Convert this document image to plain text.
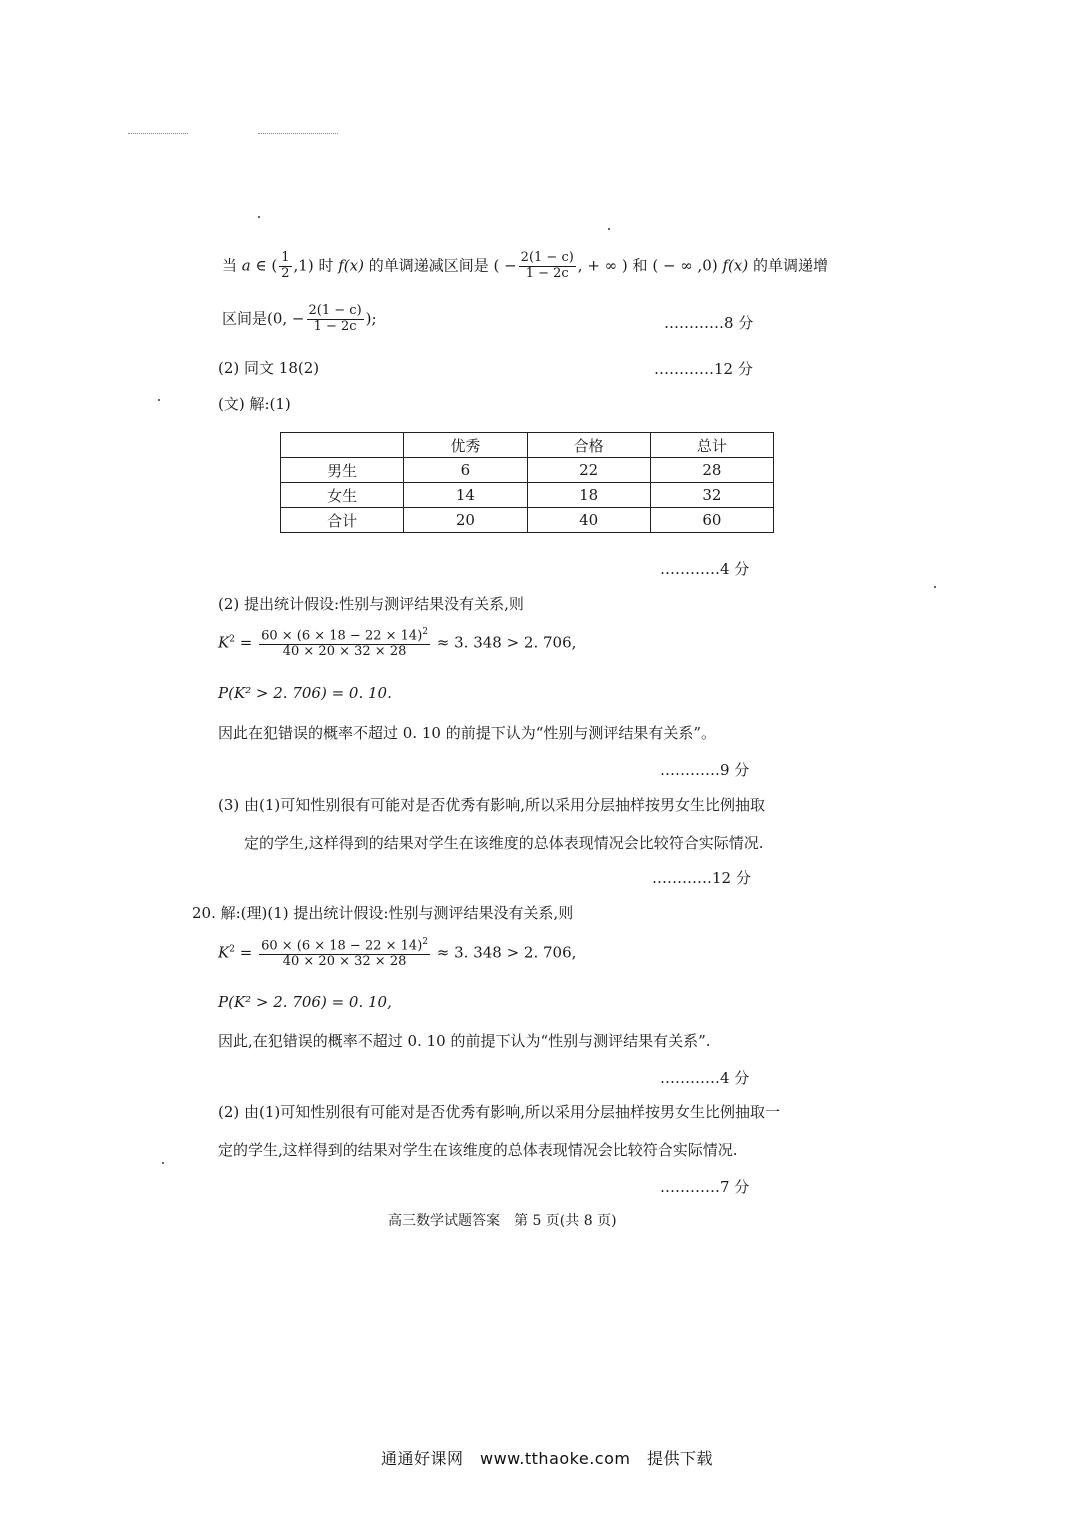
当 a ∈ ( $\frac{1}{2} ,1$) 时 f(x) 的单调递减区间是 ( − $\frac{2(1 - c)}{1 - 2c}$ , + ∞ ) 和 ( − ∞ ,0) f(x) 的单调递增
区间是(0, − $\frac{2(1 - c)}{1 - 2c}$ );	…………8 分
(2) 同文 18(2)	…………12 分
(文) 解:(1)
	优秀	合格	总计
男生	6	22	28
女生	14	18	32
合计	20	40	60
…………4 分
(2) 提出统计假设:性别与测评结果没有关系,则
$K^2 = \frac{60 \times (6 \times 18 - 22 \times 14)^2}{40 \times 20 \times 32 \times 28} \approx 3$. 348 > 2. 706,
P(K² > 2. 706) = 0. 10.
因此在犯错误的概率不超过 0. 10 的前提下认为“性别与测评结果有关系”。
…………9 分
(3) 由(1)可知性别很有可能对是否优秀有影响,所以采用分层抽样按男女生比例抽取
定的学生,这样得到的结果对学生在该维度的总体表现情况会比较符合实际情况.
…………12 分
20. 解:(理)(1) 提出统计假设:性别与测评结果没有关系,则
$K^2 = \frac{60 \times (6 \times 18 - 22 \times 14)^2}{40 \times 20 \times 32 \times 28} \approx 3$. 348 > 2. 706,
P(K² > 2. 706) = 0. 10,
因此,在犯错误的概率不超过 0. 10 的前提下认为“性别与测评结果有关系”.
…………4 分
(2) 由(1)可知性别很有可能对是否优秀有影响,所以采用分层抽样按男女生比例抽取一
定的学生,这样得到的结果对学生在该维度的总体表现情况会比较符合实际情况.
…………7 分
高三数学试题答案　第 5 页(共 8 页)
通通好课网　www.tthaoke.com　提供下载
